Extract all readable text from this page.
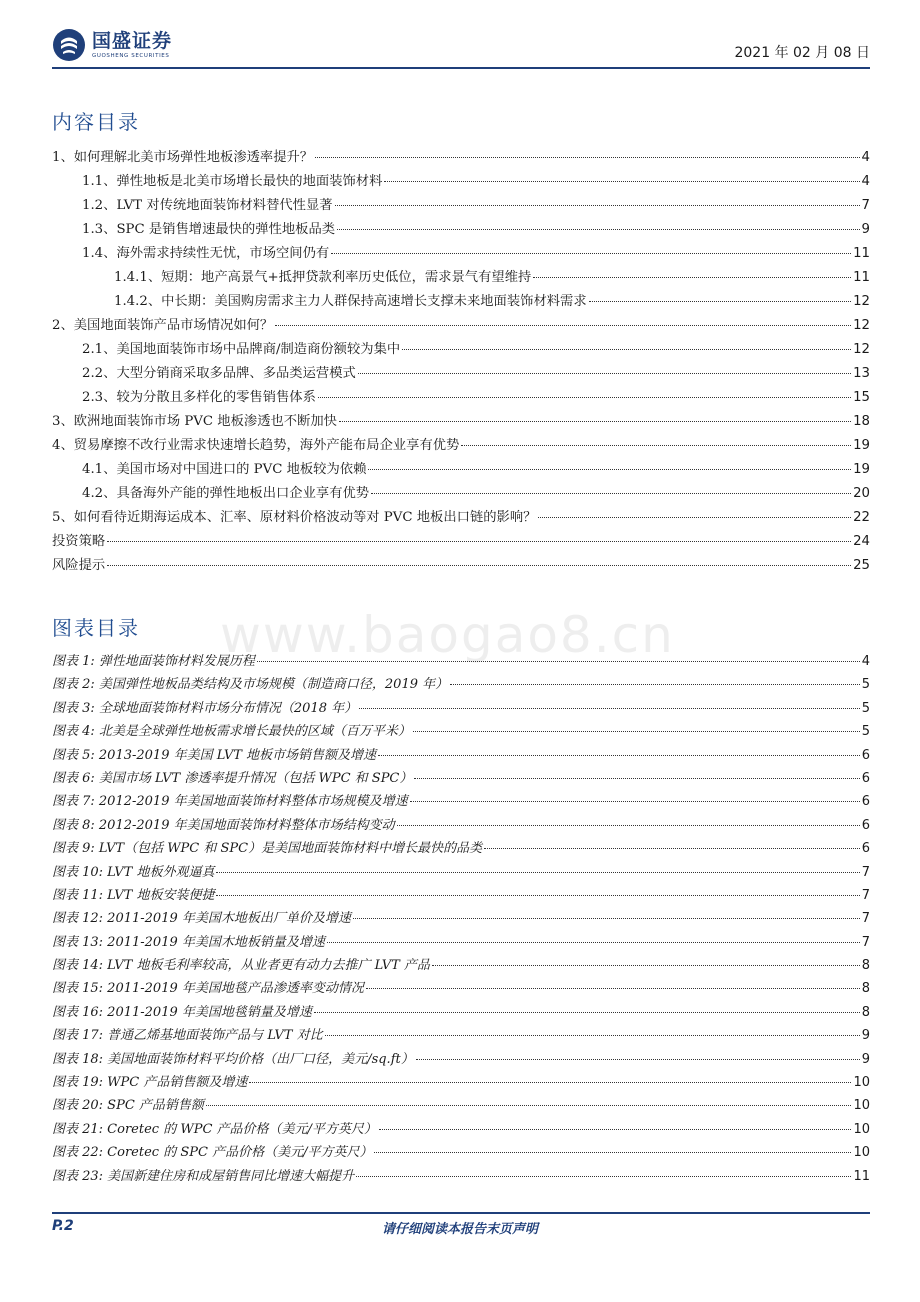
国盛证券
GUOSHENG SECURITIES	2021 年 02 月 08 日
内容目录
1、如何理解北美市场弹性地板渗透率提升？	4
1.1、弹性地板是北美市场增长最快的地面装饰材料	4
1.2、LVT 对传统地面装饰材料替代性显著	7
1.3、SPC 是销售增速最快的弹性地板品类	9
1.4、海外需求持续性无忧，市场空间仍有	11
1.4.1、短期：地产高景气+抵押贷款利率历史低位，需求景气有望维持	11
1.4.2、中长期：美国购房需求主力人群保持高速增长支撑未来地面装饰材料需求	12
2、美国地面装饰产品市场情况如何？	12
2.1、美国地面装饰市场中品牌商/制造商份额较为集中	12
2.2、大型分销商采取多品牌、多品类运营模式	13
2.3、较为分散且多样化的零售销售体系	15
3、欧洲地面装饰市场 PVC 地板渗透也不断加快	18
4、贸易摩擦不改行业需求快速增长趋势，海外产能布局企业享有优势	19
4.1、美国市场对中国进口的 PVC 地板较为依赖	19
4.2、具备海外产能的弹性地板出口企业享有优势	20
5、如何看待近期海运成本、汇率、原材料价格波动等对 PVC 地板出口链的影响？	22
投资策略	24
风险提示	25
www.baogao8.cn
图表目录
图表 1: 弹性地面装饰材料发展历程	4
图表 2: 美国弹性地板品类结构及市场规模（制造商口径，2019 年）	5
图表 3: 全球地面装饰材料市场分布情况（2018 年）	5
图表 4: 北美是全球弹性地板需求增长最快的区域（百万平米）	5
图表 5: 2013-2019 年美国 LVT 地板市场销售额及增速	6
图表 6: 美国市场 LVT 渗透率提升情况（包括 WPC 和 SPC）	6
图表 7: 2012-2019 年美国地面装饰材料整体市场规模及增速	6
图表 8: 2012-2019 年美国地面装饰材料整体市场结构变动	6
图表 9: LVT（包括 WPC 和 SPC）是美国地面装饰材料中增长最快的品类	6
图表 10: LVT 地板外观逼真	7
图表 11: LVT 地板安装便捷	7
图表 12: 2011-2019 年美国木地板出厂单价及增速	7
图表 13: 2011-2019 年美国木地板销量及增速	7
图表 14: LVT 地板毛利率较高，从业者更有动力去推广 LVT 产品	8
图表 15: 2011-2019 年美国地毯产品渗透率变动情况	8
图表 16: 2011-2019 年美国地毯销量及增速	8
图表 17: 普通乙烯基地面装饰产品与 LVT 对比	9
图表 18: 美国地面装饰材料平均价格（出厂口径，美元/sq.ft）	9
图表 19: WPC 产品销售额及增速	10
图表 20: SPC 产品销售额	10
图表 21: Coretec 的 WPC 产品价格（美元/平方英尺）	10
图表 22: Coretec 的 SPC 产品价格（美元/平方英尺）	10
图表 23: 美国新建住房和成屋销售同比增速大幅提升	11
P.2	请仔细阅读本报告末页声明
